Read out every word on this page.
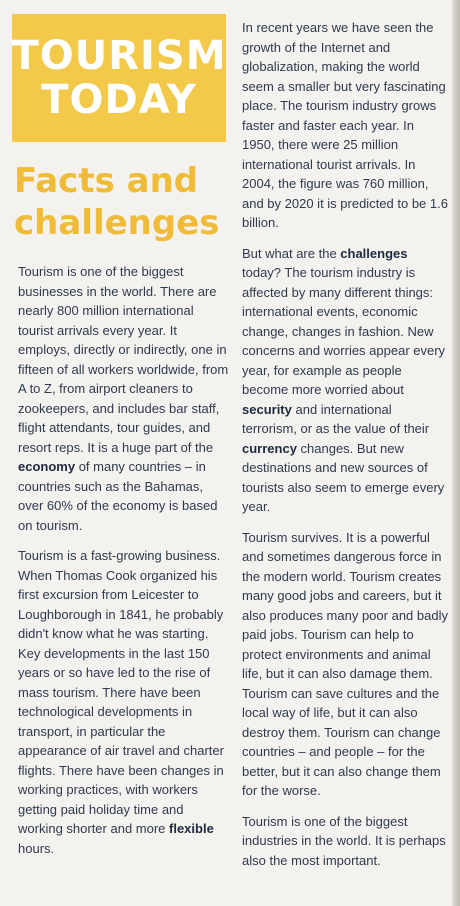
TOURISM
TODAY
Facts and
challenges

Tourism is one of the biggest businesses in the world. There are nearly 800 million international tourist arrivals every year. It employs, directly or indirectly, one in fifteen of all workers worldwide, from A to Z, from airport cleaners to zookeepers, and includes bar staff, flight attendants, tour guides, and resort reps. It is a huge part of the economy of many countries – in countries such as the Bahamas, over 60% of the economy is based on tourism.

Tourism is a fast-growing business. When Thomas Cook organized his first excursion from Leicester to Loughborough in 1841, he probably didn't know what he was starting. Key developments in the last 150 years or so have led to the rise of mass tourism. There have been technological developments in transport, in particular the appearance of air travel and charter flights. There have been changes in working practices, with workers getting paid holiday time and working shorter and more flexible hours.

In recent years we have seen the growth of the Internet and globalization, making the world seem a smaller but very fascinating place. The tourism industry grows faster and faster each year. In 1950, there were 25 million international tourist arrivals. In 2004, the figure was 760 million, and by 2020 it is predicted to be 1.6 billion.

But what are the challenges today? The tourism industry is affected by many different things: international events, economic change, changes in fashion. New concerns and worries appear every year, for example as people become more worried about security and international terrorism, or as the value of their currency changes. But new destinations and new sources of tourists also seem to emerge every year.

Tourism survives. It is a powerful and sometimes dangerous force in the modern world. Tourism creates many good jobs and careers, but it also produces many poor and badly paid jobs. Tourism can help to protect environments and animal life, but it can also damage them. Tourism can save cultures and the local way of life, but it can also destroy them. Tourism can change countries – and people – for the better, but it can also change them for the worse.

Tourism is one of the biggest industries in the world. It is perhaps also the most important.
